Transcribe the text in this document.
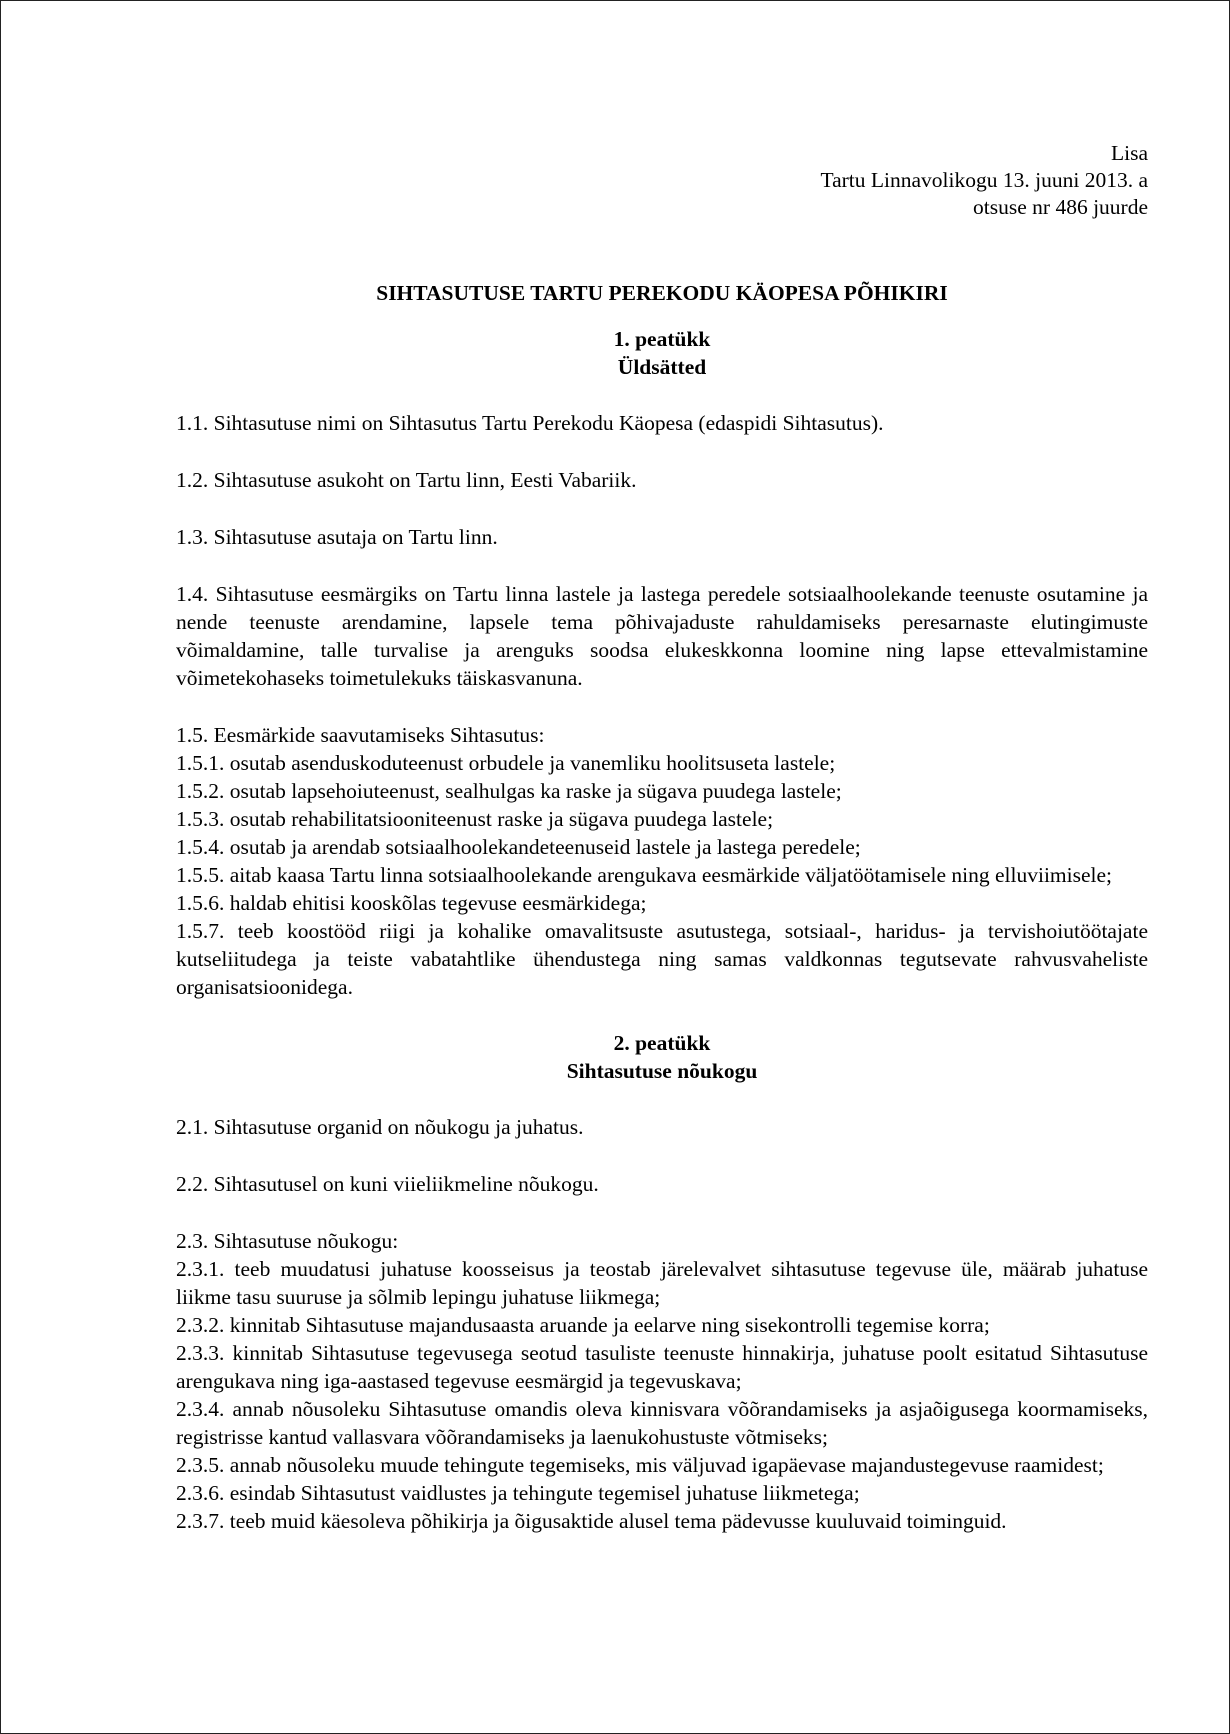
Lisa
Tartu Linnavolikogu 13. juuni 2013. a
otsuse nr 486 juurde
SIHTASUTUSE TARTU PEREKODU KÄOPESA PÕHIKIRI
1. peatükk
Üldsätted
1.1. Sihtasutuse nimi on Sihtasutus Tartu Perekodu Käopesa (edaspidi Sihtasutus).
1.2. Sihtasutuse asukoht on Tartu linn, Eesti Vabariik.
1.3. Sihtasutuse asutaja on Tartu linn.
1.4. Sihtasutuse eesmärgiks on Tartu linna lastele ja lastega peredele sotsiaalhoolekande teenuste osutamine ja nende teenuste arendamine, lapsele tema põhivajaduste rahuldamiseks peresarnaste elutingimuste võimaldamine, talle turvalise ja arenguks soodsa elukeskkonna loomine ning lapse ettevalmistamine võimetekohaseks toimetulekuks täiskasvanuna.
1.5. Eesmärkide saavutamiseks Sihtasutus:
1.5.1. osutab asenduskoduteenust orbudele ja vanemliku hoolitsuseta lastele;
1.5.2. osutab lapsehoiuteenust, sealhulgas ka raske ja sügava puudega lastele;
1.5.3. osutab rehabilitatsiooniteenust raske ja sügava puudega lastele;
1.5.4. osutab ja arendab sotsiaalhoolekandeteenuseid lastele ja lastega peredele;
1.5.5. aitab kaasa Tartu linna sotsiaalhoolekande arengukava eesmärkide väljatöötamisele ning elluviimisele;
1.5.6. haldab ehitisi kooskõlas tegevuse eesmärkidega;
1.5.7. teeb koostööd riigi ja kohalike omavalitsuste asutustega, sotsiaal-, haridus- ja tervishoiutöötajate kutseliitudega ja teiste vabatahtlike ühendustega ning samas valdkonnas tegutsevate rahvusvaheliste organisatsioonidega.
2. peatükk
Sihtasutuse nõukogu
2.1. Sihtasutuse organid on nõukogu ja juhatus.
2.2. Sihtasutusel on kuni viieliikmeline nõukogu.
2.3. Sihtasutuse nõukogu:
2.3.1. teeb muudatusi juhatuse koosseisus ja teostab järelevalvet sihtasutuse tegevuse üle, määrab juhatuse liikme tasu suuruse ja sõlmib lepingu juhatuse liikmega;
2.3.2. kinnitab Sihtasutuse majandusaasta aruande ja eelarve ning sisekontrolli tegemise korra;
2.3.3. kinnitab Sihtasutuse tegevusega seotud tasuliste teenuste hinnakirja, juhatuse poolt esitatud Sihtasutuse arengukava ning iga-aastased tegevuse eesmärgid ja tegevuskava;
2.3.4. annab nõusoleku Sihtasutuse omandis oleva kinnisvara võõrandamiseks ja asjaõigusega koormamiseks, registrisse kantud vallasvara võõrandamiseks ja laenukohustuste võtmiseks;
2.3.5. annab nõusoleku muude tehingute tegemiseks, mis väljuvad igapäevase majandustegevuse raamidest;
2.3.6. esindab Sihtasutust vaidlustes ja tehingute tegemisel juhatuse liikmetega;
2.3.7. teeb muid käesoleva põhikirja ja õigusaktide alusel tema pädevusse kuuluvaid toiminguid.
